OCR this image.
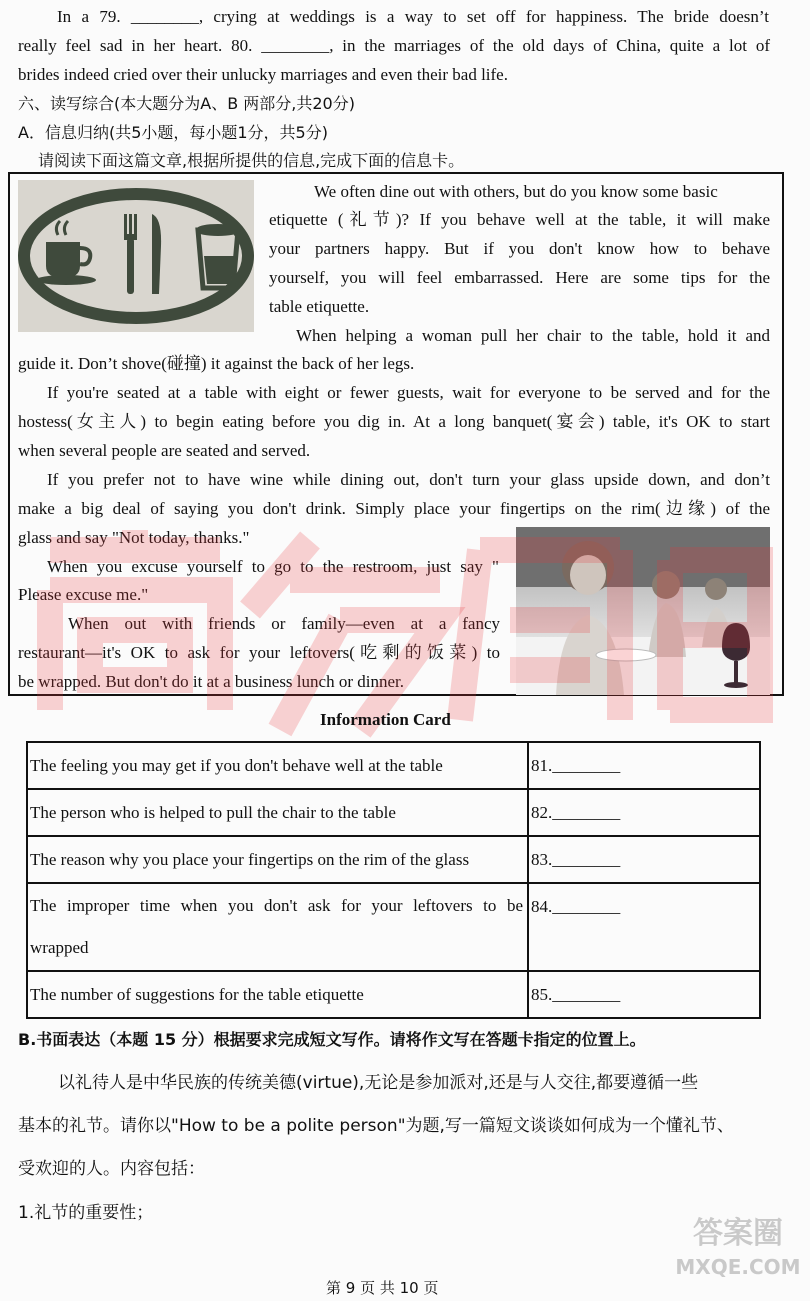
In a 79. ________, crying at weddings is a way to set off for happiness. The bride doesn’t
really feel sad in her heart. 80. ________, in the marriages of the old days of China, quite a lot of
brides indeed cried over their unlucky marriages and even their bad life.
六、读写综合(本大题分为A、B 两部分,共20分)
A．信息归纳(共5小题，每小题1分，共5分)
请阅读下面这篇文章,根据所提供的信息,完成下面的信息卡。
We often dine out with others, but do you know some basic
etiquette (礼节)? If you behave well at the table, it will make
your partners happy. But if you don't know how to behave
yourself, you will feel embarrassed. Here are some tips for the
table etiquette.
When helping a woman pull her chair to the table, hold it and
guide it. Don’t shove(碰撞) it against the back of her legs.
If you're seated at a table with eight or fewer guests, wait for everyone to be served and for the
hostess(女主人) to begin eating before you dig in. At a long banquet(宴会) table, it's OK to start
when several people are seated and served.
If you prefer not to have wine while dining out, don't turn your glass upside down, and don’t
make a big deal of saying you don't drink. Simply place your fingertips on the rim(边缘) of the
glass and say "Not today, thanks."
When you excuse yourself to go to the restroom, just say "
Please excuse me."
When out with friends or family—even at a fancy
restaurant—it's OK to ask for your leftovers(吃剩的饭菜) to
be wrapped. But don't do it at a business lunch or dinner.
Information Card
The feeling you may get if you don't behave well at the table	81.________
The person who is helped to pull the chair to the table	82.________
The reason why you place your fingertips on the rim of the glass	83.________

The improper time when you don't ask for your leftovers to be
wrapped	84.________
The number of suggestions for the table etiquette	85.________
B.书面表达（本题 15 分）根据要求完成短文写作。请将作文写在答题卡指定的位置上。
以礼待人是中华民族的传统美德(virtue),无论是参加派对,还是与人交往,都要遵循一些
基本的礼节。请你以"How to be a polite person"为题,写一篇短文谈谈如何成为一个懂礼节、
受欢迎的人。内容包括：
1.礼节的重要性；
第 9 页 共 10 页
答案圈
MXQE.COM
